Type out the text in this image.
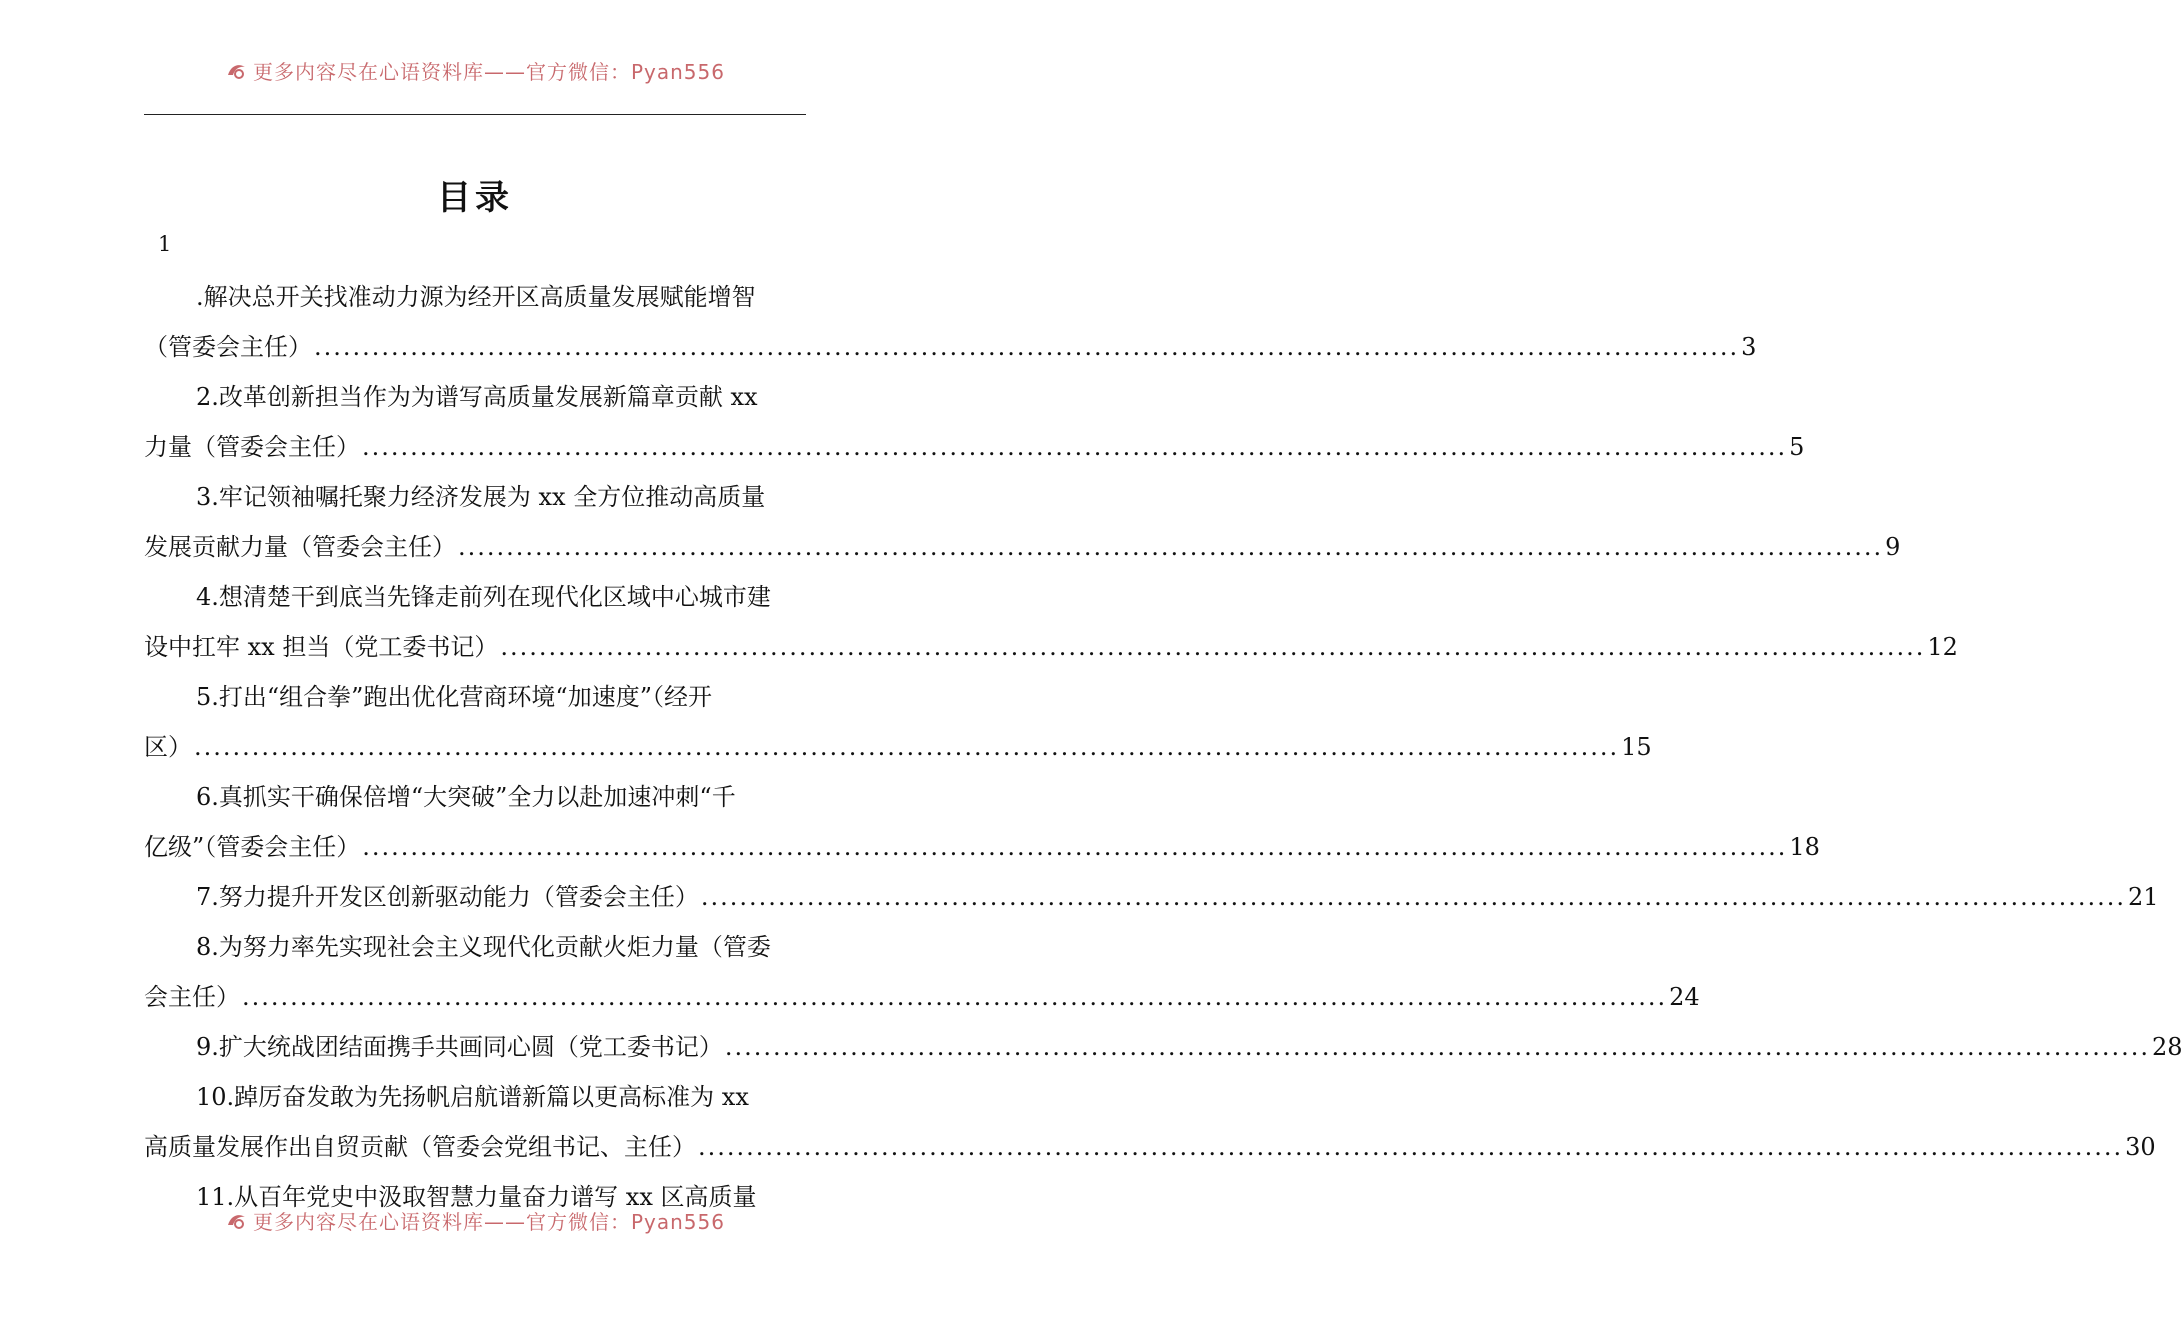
更多内容尽在心语资料库——官方微信：Pyan556
目录
1
.解决总开关找准动力源为经开区高质量发展赋能增智
（管委会主任） .....	3
2.改革创新担当作为为谱写高质量发展新篇章贡献 xx
力量（管委会主任） .....	5
3.牢记领袖嘱托聚力经济发展为 xx 全方位推动高质量
发展贡献力量（管委会主任） .....	9
4.想清楚干到底当先锋走前列在现代化区域中心城市建
设中扛牢 xx 担当（党工委书记） .....	12
5.打出“组合拳”跑出优化营商环境“加速度”（经开
区） .....	15
6.真抓实干确保倍增“大突破”全力以赴加速冲刺“千
亿级”（管委会主任） .....	18
7.努力提升开发区创新驱动能力（管委会主任） .....	21
8.为努力率先实现社会主义现代化贡献火炬力量（管委
会主任） .....	24
9.扩大统战团结面携手共画同心圆（党工委书记） .....	28
10.踔厉奋发敢为先扬帆启航谱新篇以更高标准为 xx
高质量发展作出自贸贡献（管委会党组书记、主任） .....	30
11.从百年党史中汲取智慧力量奋力谱写 xx 区高质量
更多内容尽在心语资料库——官方微信：Pyan556
